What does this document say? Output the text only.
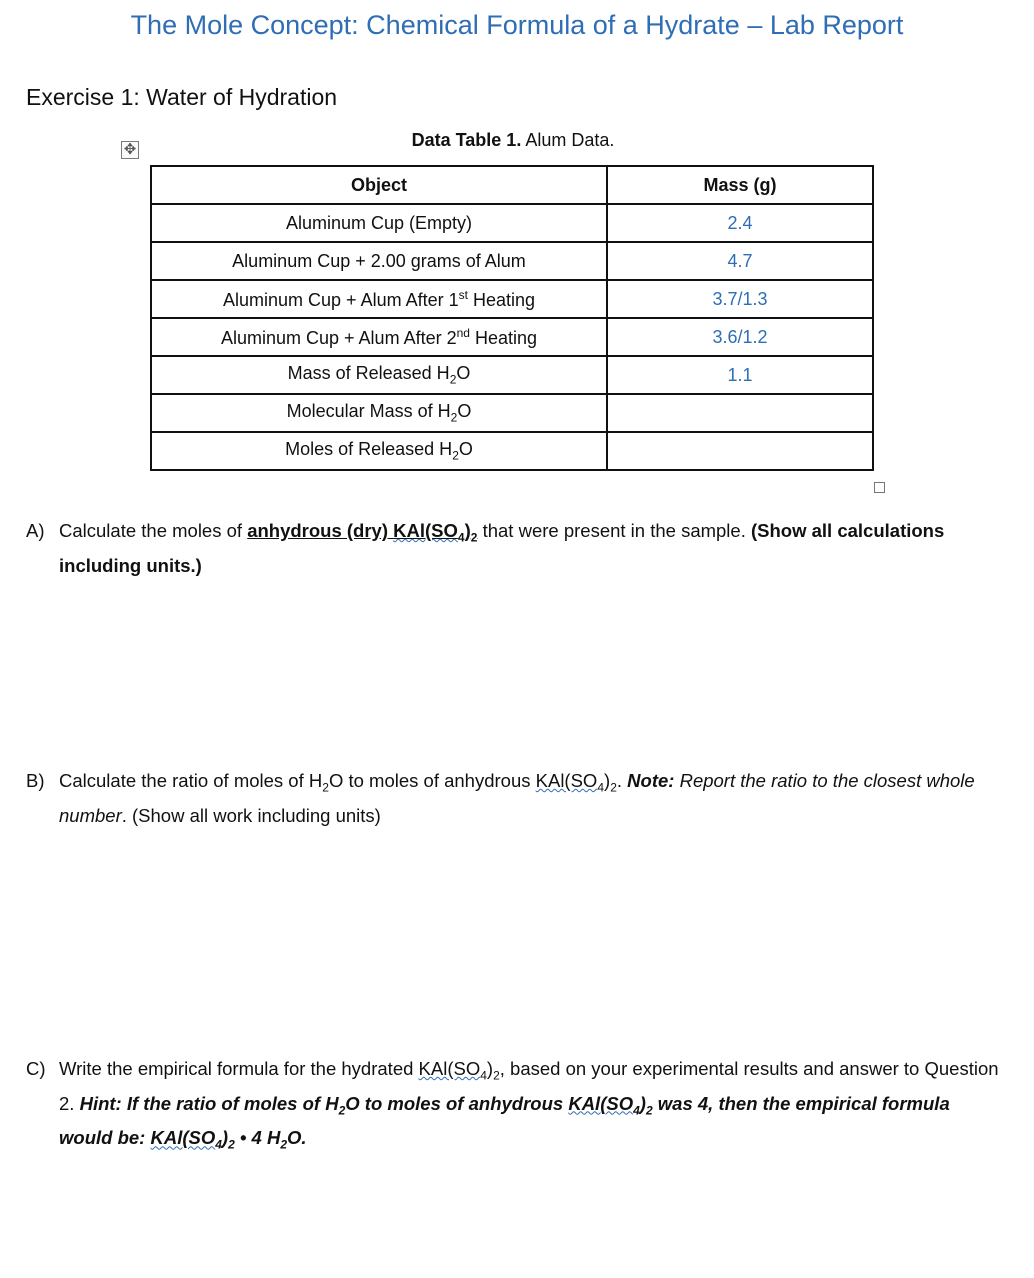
The Mole Concept: Chemical Formula of a Hydrate – Lab Report
Exercise 1: Water of Hydration
Data Table 1. Alum Data.
✥
Object	Mass (g)
Aluminum Cup (Empty)	2.4
Aluminum Cup + 2.00 grams of Alum	4.7
Aluminum Cup + Alum After 1st Heating	3.7/1.3
Aluminum Cup + Alum After 2nd Heating	3.6/1.2
Mass of Released $H_2O$	1.1
Molecular Mass of $H_2O$	
Moles of Released $H_2O$	
A) Calculate the moles of anhydrous (dry) $KAl(SO_4)_2$ that were present in the sample. (Show all calculations including units.)
B) Calculate the ratio of moles of $H_2O$ to moles of anhydrous $KAl(SO_4)_2$. Note: Report the ratio to the closest whole number. (Show all work including units)
C) Write the empirical formula for the hydrated $KAl(SO_4)_2$, based on your experimental results and answer to Question 2. Hint: If the ratio of moles of $H_2O$ to moles of anhydrous $KAl(SO_4)_2$ was 4, then the empirical formula would be: $KAl(SO_4)_2$ • 4 $H_2O$.
